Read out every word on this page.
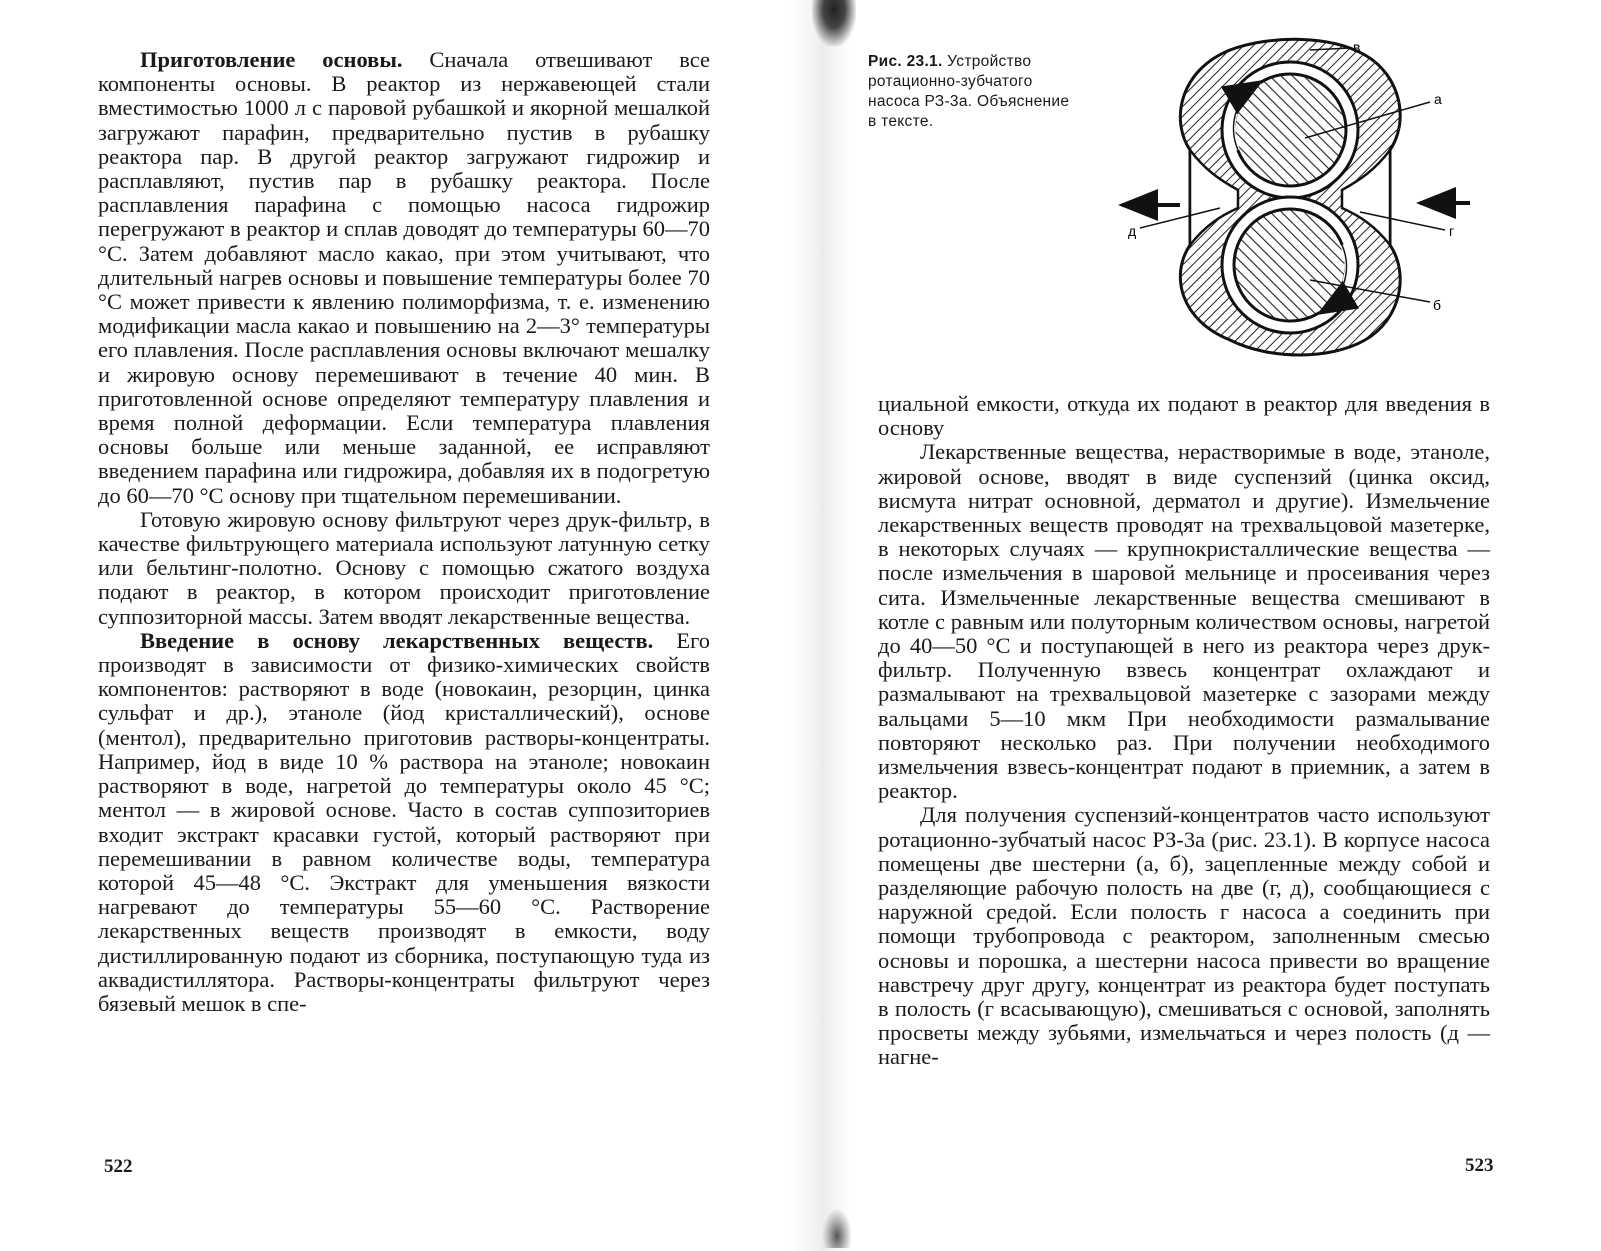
Приготовление основы. Сначала отвешивают все компоненты основы. В реактор из нержавеющей стали вместимостью 1000 л с паровой рубашкой и якорной мешалкой загружают парафин, предварительно пустив в рубашку реактора пар. В другой реактор загружают гидрожир и расплавляют, пустив пар в рубашку реактора. После расплавления парафина с помощью насоса гидрожир перегружают в реактор и сплав доводят до температуры 60—70 °С. Затем добавляют масло какао, при этом учитывают, что длительный нагрев основы и повышение температуры более 70 °С может привести к явлению полиморфизма, т. е. изменению модификации масла какао и повышению на 2—3° температуры его плавления. После расплавления основы включают мешалку и жировую основу перемешивают в течение 40 мин. В приготовленной основе определяют температуру плавления и время полной деформации. Если температура плавления основы больше или меньше заданной, ее исправляют введением парафина или гидрожира, добавляя их в подогретую до 60—70 °С основу при тщательном перемешивании.

Готовую жировую основу фильтруют через друк-фильтр, в качестве фильтрующего материала используют латунную сетку или бельтинг-полотно. Основу с помощью сжатого воздуха подают в реактор, в котором происходит приготовление суппозиторной массы. Затем вводят лекарственные вещества.

Введение в основу лекарственных веществ. Его производят в зависимости от физико-химических свойств компонентов: растворяют в воде (новокаин, резорцин, цинка сульфат и др.), этаноле (йод кристаллический), основе (ментол), предварительно приготовив растворы-концентраты. Например, йод в виде 10 % раствора на этаноле; новокаин растворяют в воде, нагретой до температуры около 45 °С; ментол — в жировой основе. Часто в состав суппозиториев входит экстракт красавки густой, который растворяют при перемешивании в равном количестве воды, температура которой 45—48 °С. Экстракт для уменьшения вязкости нагревают до температуры 55—60 °С. Растворение лекарственных веществ производят в емкости, воду дистиллированную подают из сборника, поступающую туда из аквадистиллятора. Растворы-концентраты фильтруют через бязевый мешок в спе-

522
Рис. 23.1. Устройство ротационно-зубчатого насоса РЗ-3а. Объяснение в тексте.
в
а
г
д
б

циальной емкости, откуда их подают в реактор для введения в основу

Лекарственные вещества, нерастворимые в воде, этаноле, жировой основе, вводят в виде суспензий (цинка оксид, висмута нитрат основной, дерматол и другие). Измельчение лекарственных веществ проводят на трехвальцовой мазетерке, в некоторых случаях — крупнокристаллические вещества — после измельчения в шаровой мельнице и просеивания через сита. Измельченные лекарственные вещества смешивают в котле с равным или полуторным количеством основы, нагретой до 40—50 °С и поступающей в него из реактора через друк-фильтр. Полученную взвесь концентрат охлаждают и размалывают на трехвальцовой мазетерке с зазорами между вальцами 5—10 мкм При необходимости размалывание повторяют несколько раз. При получении необходимого измельчения взвесь-концентрат подают в приемник, а затем в реактор.

Для получения суспензий-концентратов часто используют ротационно-зубчатый насос РЗ-3а (рис. 23.1). В корпусе насоса помещены две шестерни (а, б), зацепленные между собой и разделяющие рабочую полость на две (г, д), сообщающиеся с наружной средой. Если полость г насоса а соединить при помощи трубопровода с реактором, заполненным смесью основы и порошка, а шестерни насоса привести во вращение навстречу друг другу, концентрат из реактора будет поступать в полость (г всасывающую), смешиваться с основой, заполнять просветы между зубьями, измельчаться и через полость (д — нагне-

523
